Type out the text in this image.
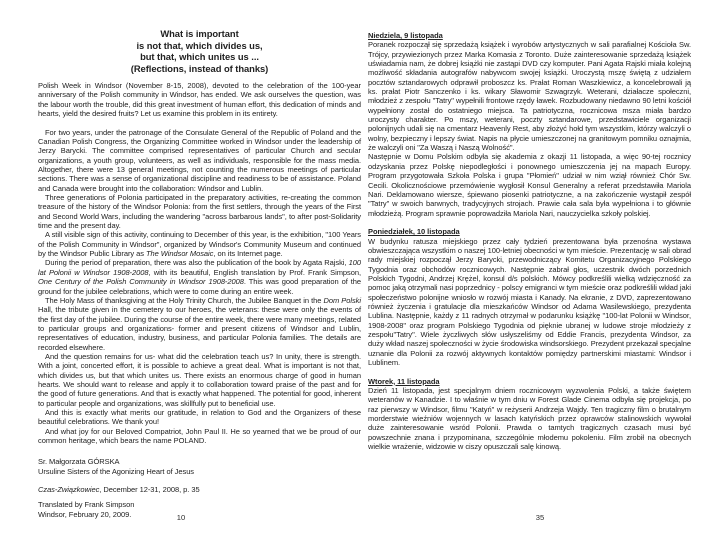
What is important
is not that, which divides us,
but that, which unites us ...
(Reflections, instead of thanks)

Polish Week in Windsor (November 8-15, 2008), devoted to the celebration of the 100-year anniversary of the Polish community in Windsor, has ended. We ask ourselves the question, was the labour worth the trouble, did this great investment of human effort, this dedication of minds and hearts, yield the desired fruits? Let us examine this problem in its entirety.

For two years, under the patronage of the Consulate General of the Republic of Poland and the Canadian Polish Congress, the Organizing Committee worked in Windsor under the leadership of Jerzy Barycki. The committee comprised representatives of particular Church and secular organizations, a youth group, volunteers, as well as individuals, responsible for the mass media. Altogether, there were 13 general meetings, not counting the numerous meetings of particular sections. There was a sense of organizational discipline and readiness to be of assistance. Poland and Canada were brought into the collaboration: Windsor and Lublin.

Three generations of Polonia participated in the preparatory activities, re-creating the common treasure of the history of the Windsor Polonia: from the first settlers, through the years of the First and Second World Wars, including the wandering "across barbarous lands", to after post-Solidarity time and the present day.

A still visible sign of this activity, continuing to December of this year, is the exhibition, "100 Years of the Polish Community in Windsor", organized by Windsor's Community Museum and continued by the Windsor Public Library as The Windsor Mosaic, on its Internet page.

During the period of preparation, there was also the publication of the book by Agata Rajski, 100 lat Polonii w Windsor 1908-2008, with its beautiful, English translation by Prof. Frank Simpson, One Century of the Polish Community in Windsor 1908-2008. This was good preparation of the ground for the jubilee celebrations, which were to come during an entire week.

The Holy Mass of thanksgiving at the Holy Trinity Church, the Jubilee Banquet in the Dom Polski Hall, the tribute given in the cemetery to our heroes, the veterans: these were only the events of the first day of the jubilee. During the course of the entire week, there were many meetings, related to particular groups and organizations- former and present citizens of Windsor and Lublin, representatives of education, industry, business, and particular Polonia families. The details are recorded elsewhere.

And the question remains for us- what did the celebration teach us? In unity, there is strength. With a joint, concerted effort, it is possible to achieve a great deal. What is important is not that, which divides us, but that which unites us. There exists an enormous charge of good in human hearts. We should want to release and apply it to collaboration toward praise of the past and for the good of future generations. And that is exactly what happened. The potential for good, inherent to particular people and organizations, was skillfully put to beneficial use.

And this is exactly what merits our gratitude, in relation to God and the Organizers of these beautiful celebrations. We thank you!

And what joy for our Beloved Compatriot, John Paul II. He so yearned that we be proud of our common heritage, which bears the name POLAND.

Sr. Małgorzata GÓRSKA
Ursuline Sisters of the Agonizing Heart of Jesus

Czas-Związkowiec, December 12-31, 2008, p. 35

Translated by Frank Simpson
Windsor, February 20, 2009.
Niedziela, 9 listopada

Poranek rozpoczął się sprzedażą książek i wyrobów artystycznych w sali parafialnej Kościoła Sw. Trójcy, przywiezionych przez Marka Komasia z Toronto. Duże zainteresowanie sprzedażą książek uświadamia nam, że dobrej książki nie zastąpi DVD czy komputer. Pani Agata Rajski miała kolejną możliwość składania autografów nabywcom swojej książki. Uroczystą mszę świętą z udziałem pocztów sztandarowych odprawił proboszcz ks. Prałat Roman Waszkiewicz, a koncelebrowali ją ks. prałat Piotr Sanczenko i ks. wikary Sławomir Szwagrzyk. Weterani, działacze społeczni, młodzież z zespołu "Tatry" wypełnili frontowe rzędy ławek. Rozbudowany niedawno 90 letni kościół wypełniony został do ostatniego miejsca. Ta patriotyczna, rocznicowa msza miała bardzo uroczysty charakter. Po mszy, weterani, poczty sztandarowe, przedstawiciele organizacji polonijnych udali się na cmentarz Heavenly Rest, aby złożyć hołd tym wszystkim, którzy walczyli o wolny, bezpieczny i lepszy świat. Napis na płycie umieszczonej na granitowym pomniku oznajmia, że walczyli oni "Za Waszą i Naszą Wolność".

Następnie w Domu Polskim odbyła się akademia z okazji 11 listopada, a więc 90-tej rocznicy odzyskania przez Polskę niepodległości i ponownego umieszczenia jej na mapach Europy. Program przygotowała Szkoła Polska i grupa "Płomień" udział w nim wziął również Chór Sw. Cecili. Okolicznościowe przemówienie wygłosił Konsul Generalny a referat przedstawiła Mariola Nari. Deklamowano wiersze, śpiewano piosenki patriotyczne, a na zakończenie wystąpił zespół "Tatry" w swoich barwnych, tradycyjnych strojach. Prawie cała sala była wypełniona i to głównie młodzieżą. Program sprawnie poprowadziła Mariola Nari, nauczycielka szkoły polskiej.

Poniedziałek, 10 listopada

W budynku ratusza miejskiego przez cały tydzień prezentowana była przenośna wystawa obwieszczająca wszystkim o naszej 100-letniej obecności w tym mieście. Prezentację w sali obrad rady miejskiej rozpoczął Jerzy Barycki, przewodniczący Komitetu Organizacyjnego Polskiego Tygodnia oraz obchodów rocznicowych. Następnie zabrał głos, uczestnik dwóch porzednich Polskich Tygodni, Andrzej Krężel, konsul d/s polskich. Mówcy podkreślili wielką wdzięczność za pomoc jaką otrzymali nasi poprzednicy - polscy emigranci w tym mieście oraz podkreślili wkład jaki społeczeństwo polonijne wniosło w rozwój miasta i Kanady. Na ekranie, z DVD, zaprezentowano również życzenia i gratulacje dla mieszkańców Windsor od Adama Wasilewskiego, prezydenta Lublina. Następnie, każdy z 11 radnych otrzymał w podarunku książkę "100-lat Polonii w Windsor, 1908-2008" oraz program Polskiego Tygodnia od pięknie ubranej w ludowe stroje młodzieży z zespołu"Tatry". Wiele życzliwych słów usłyszeliśmy od Eddie Francis, prezydenta Windsor, za duży wkład naszej społeczności w życie środowiska windsorskiego. Prezydent przekazał specjalne uznanie dla Polonii za rozwój aktywnych kontaktów pomiędzy partnerskimi miastami: Windsor i Lublinem.

Wtorek, 11 listopada

Dzień 11 listopada, jest specjalnym dniem rocznicowym wyzwolenia Polski, a także świętem weteranów w Kanadzie. I to właśnie w tym dniu w Forest Glade Cinema odbyła się projekcja, po raz pierwszy w Windsor, filmu "Katyń" w reżyserii Andrzeja Wajdy. Ten tragiczny film o brutalnym morderstwie wieźniów wojennych w lasach katyńskich przez oprawców stalinowskich wywołał duże zainteresowanie wsród Polonii. Prawda o tamtych tragicznych czasach musi być powszechnie znana i przypominana, szczególnie młodemu pokoleniu. Film zrobił na obecnych wielkie wrażenie, widzowie w ciszy opuszczali salę kinową.

10	35
